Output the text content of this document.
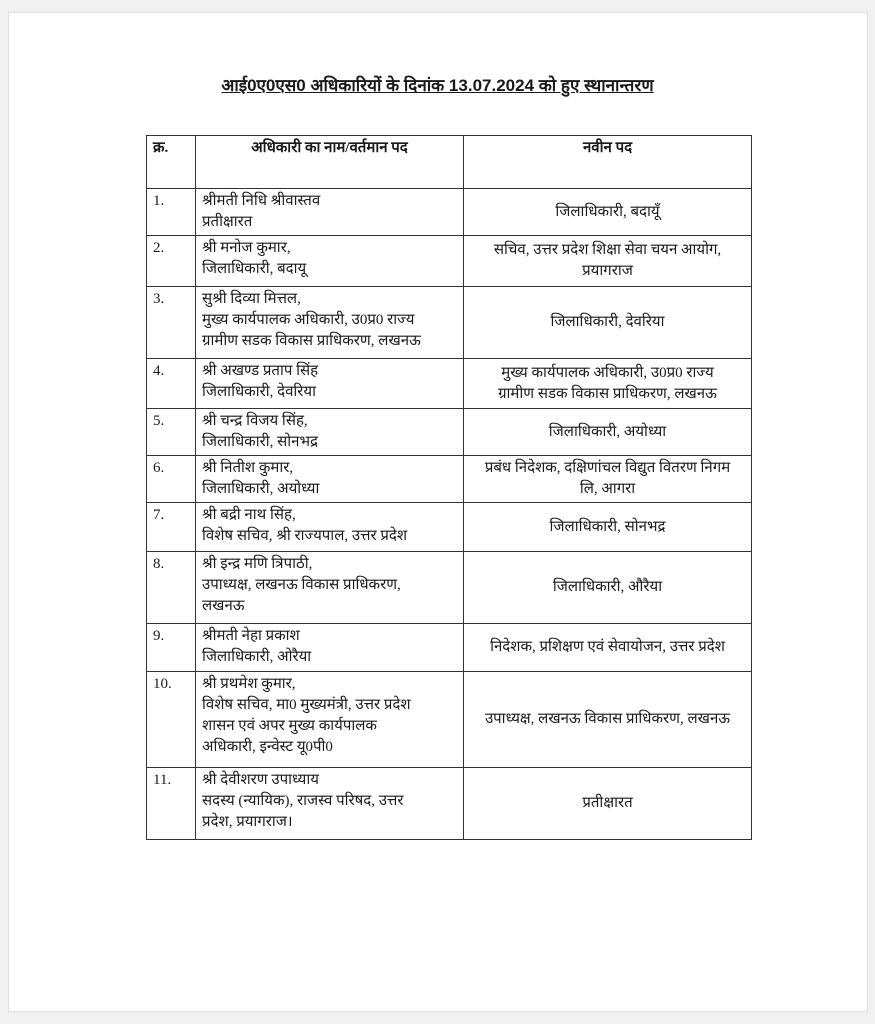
आई0ए0एस0 अधिकारियों के दिनांक 13.07.2024 को हुए स्थानान्तरण
क्र.	अधिकारी का नाम/वर्तमान पद	नवीन पद
1.	श्रीमती निधि श्रीवास्तव
प्रतीक्षारत	जिलाधिकारी, बदायूँ
2.	श्री मनोज कुमार,
जिलाधिकारी, बदायू	सचिव, उत्तर प्रदेश शिक्षा सेवा चयन आयोग,
प्रयागराज
3.	सुश्री दिव्या मित्तल,
मुख्य कार्यपालक अधिकारी, उ0प्र0 राज्य
ग्रामीण सडक विकास प्राधिकरण, लखनऊ	जिलाधिकारी, देवरिया
4.	श्री अखण्ड प्रताप सिंह
जिलाधिकारी, देवरिया	मुख्य कार्यपालक अधिकारी, उ0प्र0 राज्य
ग्रामीण सडक विकास प्राधिकरण, लखनऊ
5.	श्री चन्द्र विजय सिंह,
जिलाधिकारी, सोनभद्र	जिलाधिकारी, अयोध्या
6.	श्री नितीश कुमार,
जिलाधिकारी, अयोध्या	प्रबंध निदेशक, दक्षिणांचल विद्युत वितरण निगम
लि, आगरा
7.	श्री बद्री नाथ सिंह,
विशेष सचिव, श्री राज्यपाल, उत्तर प्रदेश	जिलाधिकारी, सोनभद्र
8.	श्री इन्द्र मणि त्रिपाठी,
उपाध्यक्ष, लखनऊ विकास प्राधिकरण,
लखनऊ	जिलाधिकारी, औरैया
9.	श्रीमती नेहा प्रकाश
जिलाधिकारी, ओरैया	निदेशक, प्रशिक्षण एवं सेवायोजन, उत्तर प्रदेश
10.	श्री प्रथमेश कुमार,
विशेष सचिव, मा0 मुख्यमंत्री, उत्तर प्रदेश
शासन एवं अपर मुख्य कार्यपालक
अधिकारी, इन्वेस्ट यू0पी0	उपाध्यक्ष, लखनऊ विकास प्राधिकरण, लखनऊ
11.	श्री देवीशरण उपाध्याय
सदस्य (न्यायिक), राजस्व परिषद, उत्तर
प्रदेश, प्रयागराज।	प्रतीक्षारत
